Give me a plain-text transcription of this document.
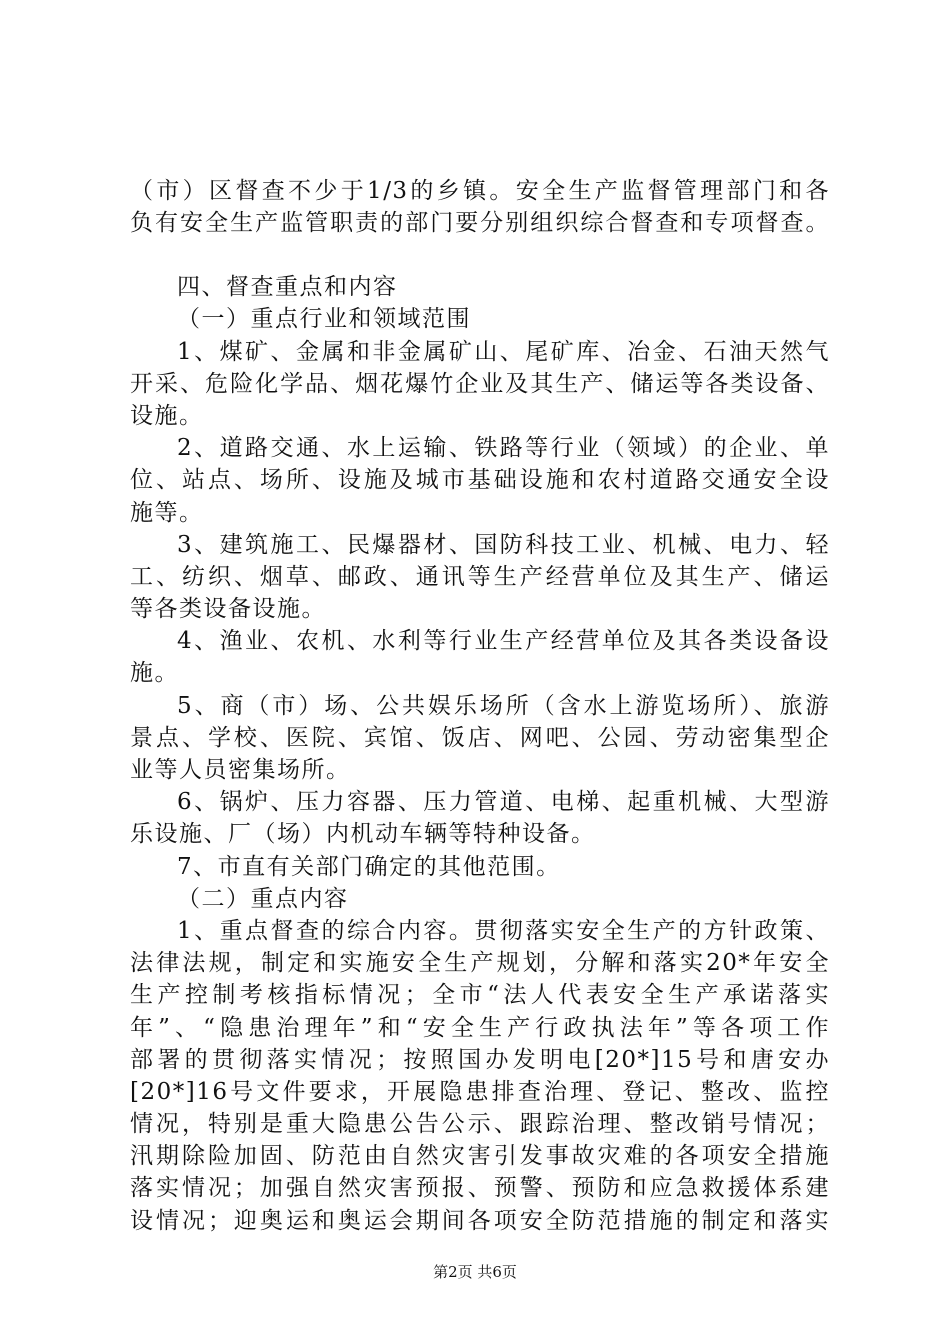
（市）区督查不少于1/3的乡镇。安全生产监督管理部门和各
负有安全生产监管职责的部门要分别组织综合督查和专项督查。
四、督查重点和内容
（一）重点行业和领域范围
1、煤矿、金属和非金属矿山、尾矿库、冶金、石油天然气
开采、危险化学品、烟花爆竹企业及其生产、储运等各类设备、
设施。
2、道路交通、水上运输、铁路等行业（领域）的企业、单
位、站点、场所、设施及城市基础设施和农村道路交通安全设
施等。
3、建筑施工、民爆器材、国防科技工业、机械、电力、轻
工、纺织、烟草、邮政、通讯等生产经营单位及其生产、储运
等各类设备设施。
4、渔业、农机、水利等行业生产经营单位及其各类设备设
施。
5、商（市）场、公共娱乐场所（含水上游览场所）、旅游
景点、学校、医院、宾馆、饭店、网吧、公园、劳动密集型企
业等人员密集场所。
6、锅炉、压力容器、压力管道、电梯、起重机械、大型游
乐设施、厂（场）内机动车辆等特种设备。
7、市直有关部门确定的其他范围。
（二）重点内容
1、重点督查的综合内容。贯彻落实安全生产的方针政策、
法律法规，制定和实施安全生产规划，分解和落实20*年安全
生产控制考核指标情况；全市“法人代表安全生产承诺落实
年”、“隐患治理年”和“安全生产行政执法年”等各项工作
部署的贯彻落实情况；按照国办发明电[20*]15号和唐安办
[20*]16号文件要求，开展隐患排查治理、登记、整改、监控
情况，特别是重大隐患公告公示、跟踪治理、整改销号情况；
汛期除险加固、防范由自然灾害引发事故灾难的各项安全措施
落实情况；加强自然灾害预报、预警、预防和应急救援体系建
设情况；迎奥运和奥运会期间各项安全防范措施的制定和落实
第2页 共6页
